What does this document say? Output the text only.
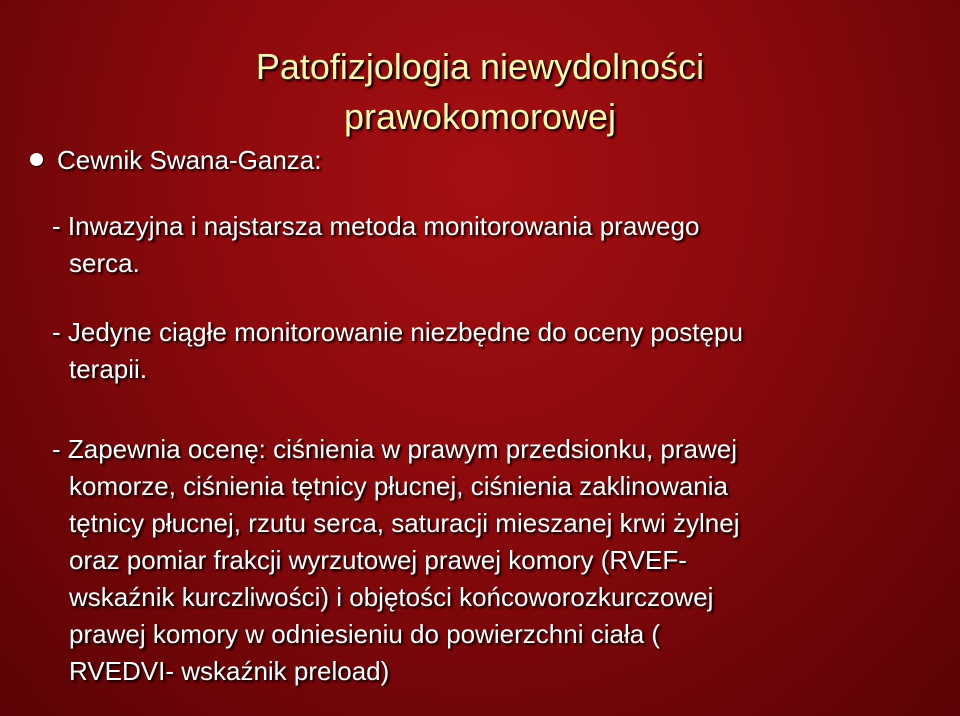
Patofizjologia niewydolności
prawokomorowej
Cewnik Swana-Ganza:
- Inwazyjna i najstarsza metoda monitorowania prawego
serca.
- Jedyne ciągłe monitorowanie niezbędne do oceny postępu
terapii.
- Zapewnia ocenę: ciśnienia w prawym przedsionku, prawej
komorze, ciśnienia tętnicy płucnej, ciśnienia zaklinowania
tętnicy płucnej, rzutu serca, saturacji mieszanej krwi żylnej
oraz pomiar frakcji wyrzutowej prawej komory (RVEF-
wskaźnik kurczliwości) i objętości końcoworozkurczowej
prawej komory w odniesieniu do powierzchni ciała (
RVEDVI- wskaźnik preload)
